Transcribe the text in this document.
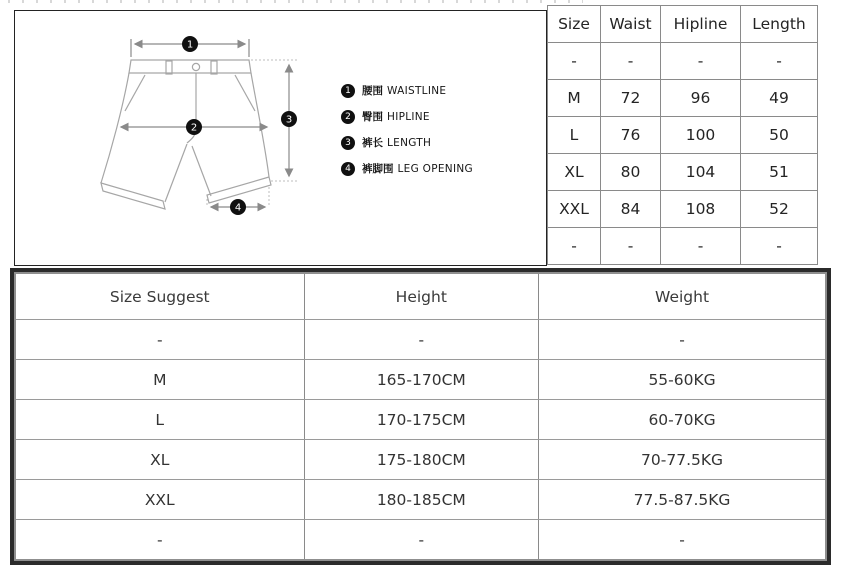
1
2
3
4
1	腰围 WAISTLINE
2	臀围 HIPLINE
3	裤长 LENGTH
4	裤脚围 LEG OPENING
Size	Waist	Hipline	Length
-	-	-	-
M	72	96	49
L	76	100	50
XL	80	104	51
XXL	84	108	52
-	-	-	-
Size Suggest	Height	Weight
-	-	-
M	165-170CM	55-60KG
L	170-175CM	60-70KG
XL	175-180CM	70-77.5KG
XXL	180-185CM	77.5-87.5KG
-	-	-
